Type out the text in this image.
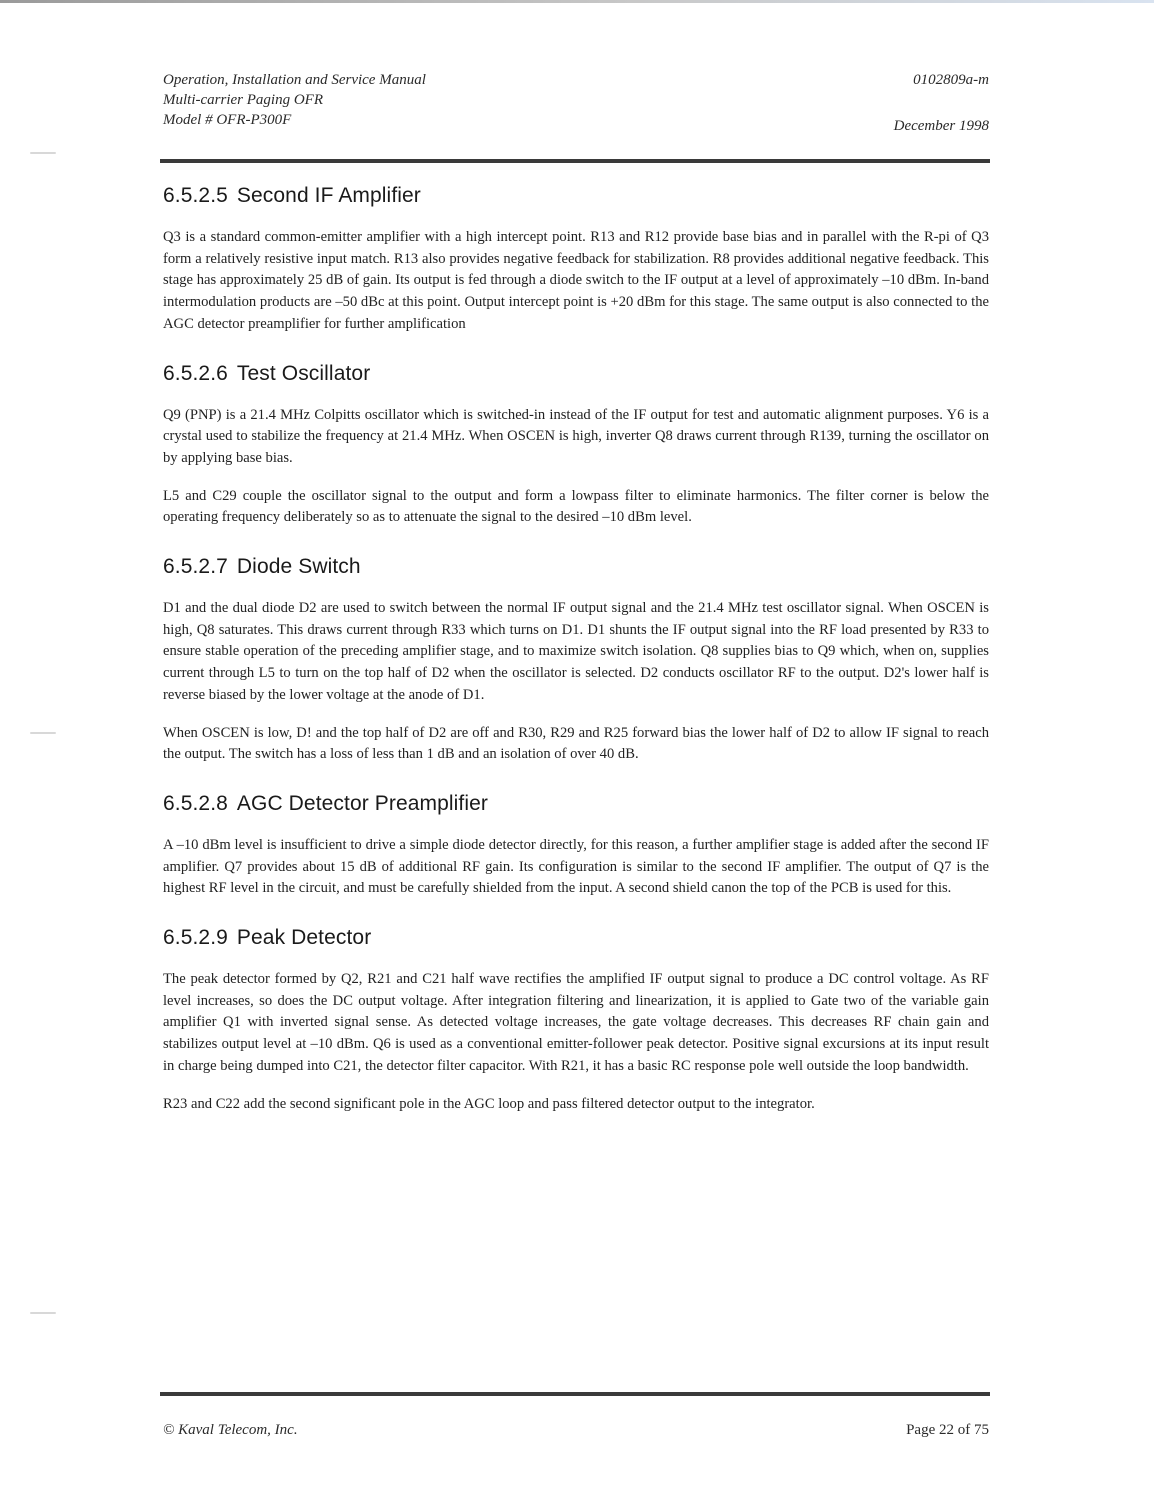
Operation, Installation and Service Manual
Multi-carrier Paging OFR
Model # OFR-P300F
0102809a-m
December 1998
6.5.2.5 Second IF Amplifier

Q3 is a standard common-emitter amplifier with a high intercept point. R13 and R12 provide base bias and in parallel with the R-pi of Q3 form a relatively resistive input match. R13 also provides negative feedback for stabilization. R8 provides additional negative feedback. This stage has approximately 25 dB of gain. Its output is fed through a diode switch to the IF output at a level of approximately –10 dBm. In-band intermodulation products are –50 dBc at this point. Output intercept point is +20 dBm for this stage. The same output is also connected to the AGC detector preamplifier for further amplification

6.5.2.6 Test Oscillator

Q9 (PNP) is a 21.4 MHz Colpitts oscillator which is switched-in instead of the IF output for test and automatic alignment purposes. Y6 is a crystal used to stabilize the frequency at 21.4 MHz. When OSCEN is high, inverter Q8 draws current through R139, turning the oscillator on by applying base bias.

L5 and C29 couple the oscillator signal to the output and form a lowpass filter to eliminate harmonics. The filter corner is below the operating frequency deliberately so as to attenuate the signal to the desired –10 dBm level.

6.5.2.7 Diode Switch

D1 and the dual diode D2 are used to switch between the normal IF output signal and the 21.4 MHz test oscillator signal. When OSCEN is high, Q8 saturates. This draws current through R33 which turns on D1. D1 shunts the IF output signal into the RF load presented by R33 to ensure stable operation of the preceding amplifier stage, and to maximize switch isolation. Q8 supplies bias to Q9 which, when on, supplies current through L5 to turn on the top half of D2 when the oscillator is selected. D2 conducts oscillator RF to the output. D2's lower half is reverse biased by the lower voltage at the anode of D1.

When OSCEN is low, D! and the top half of D2 are off and R30, R29 and R25 forward bias the lower half of D2 to allow IF signal to reach the output. The switch has a loss of less than 1 dB and an isolation of over 40 dB.

6.5.2.8 AGC Detector Preamplifier

A –10 dBm level is insufficient to drive a simple diode detector directly, for this reason, a further amplifier stage is added after the second IF amplifier. Q7 provides about 15 dB of additional RF gain. Its configuration is similar to the second IF amplifier. The output of Q7 is the highest RF level in the circuit, and must be carefully shielded from the input. A second shield canon the top of the PCB is used for this.

6.5.2.9 Peak Detector

The peak detector formed by Q2, R21 and C21 half wave rectifies the amplified IF output signal to produce a DC control voltage. As RF level increases, so does the DC output voltage. After integration filtering and linearization, it is applied to Gate two of the variable gain amplifier Q1 with inverted signal sense. As detected voltage increases, the gate voltage decreases. This decreases RF chain gain and stabilizes output level at –10 dBm. Q6 is used as a conventional emitter-follower peak detector. Positive signal excursions at its input result in charge being dumped into C21, the detector filter capacitor. With R21, it has a basic RC response pole well outside the loop bandwidth.

R23 and C22 add the second significant pole in the AGC loop and pass filtered detector output to the integrator.

© Kaval Telecom, Inc.	Page 22 of 75
